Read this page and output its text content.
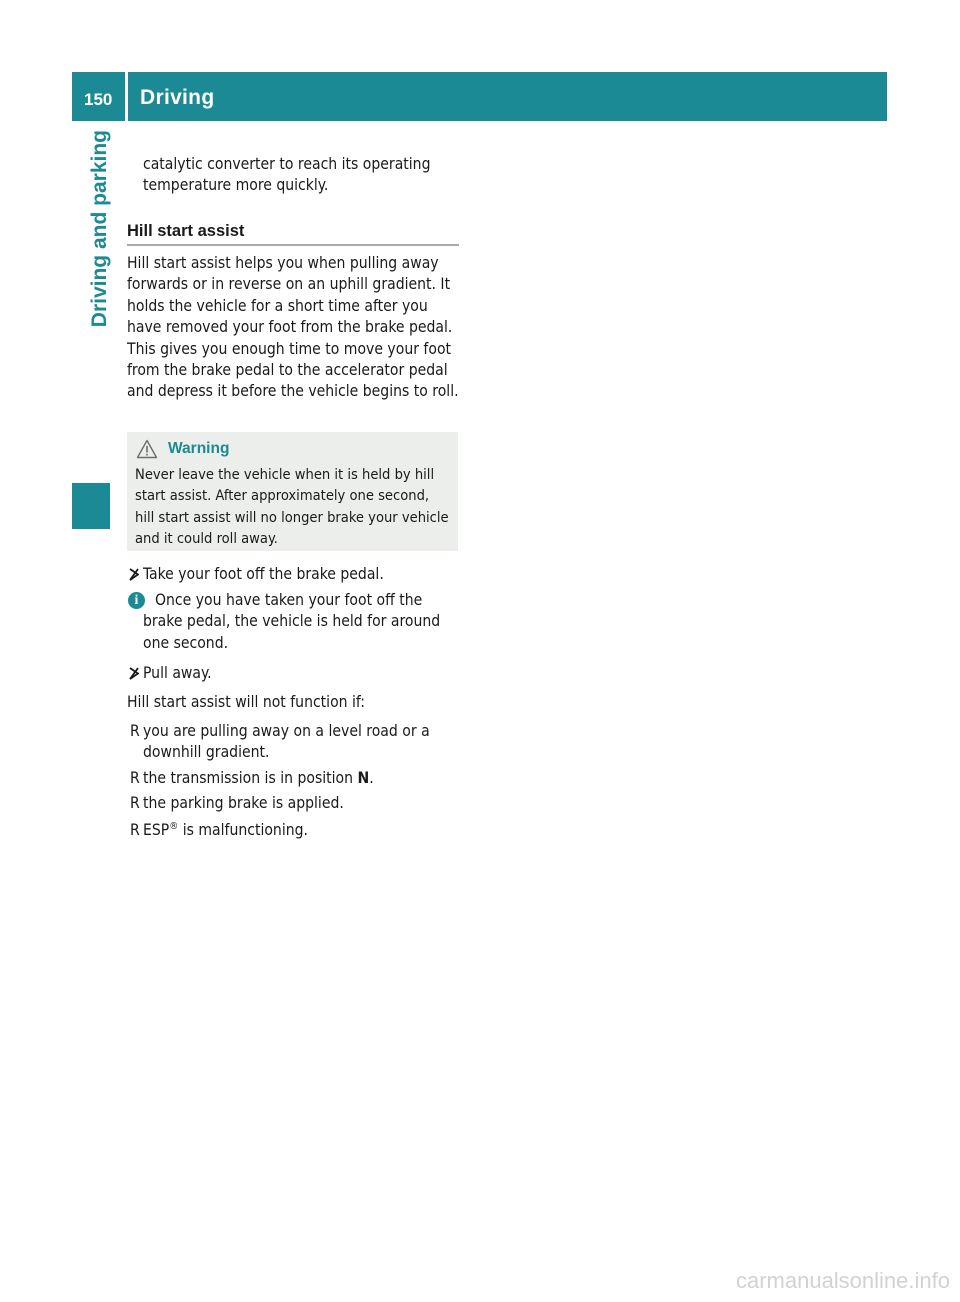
150	Driving
Driving and parking	catalytic converter to reach its operating temperature more quickly.
Hill start assist
Hill start assist helps you when pulling away forwards or in reverse on an uphill gradient. It holds the vehicle for a short time after you have removed your foot from the brake pedal. This gives you enough time to move your foot from the brake pedal to the accelerator pedal and depress it before the vehicle begins to roll.
Warning
Never leave the vehicle when it is held by hill start assist. After approximately one second, hill start assist will no longer brake your vehicle and it could roll away.
Take your foot off the brake pedal.
i	Once you have taken your foot off the brake pedal, the vehicle is held for around one second.
Pull away.
Hill start assist will not function if:
R you are pulling away on a level road or a downhill gradient.
R the transmission is in position N.
R the parking brake is applied.
R ESP® is malfunctioning.
carmanualsonline.info
